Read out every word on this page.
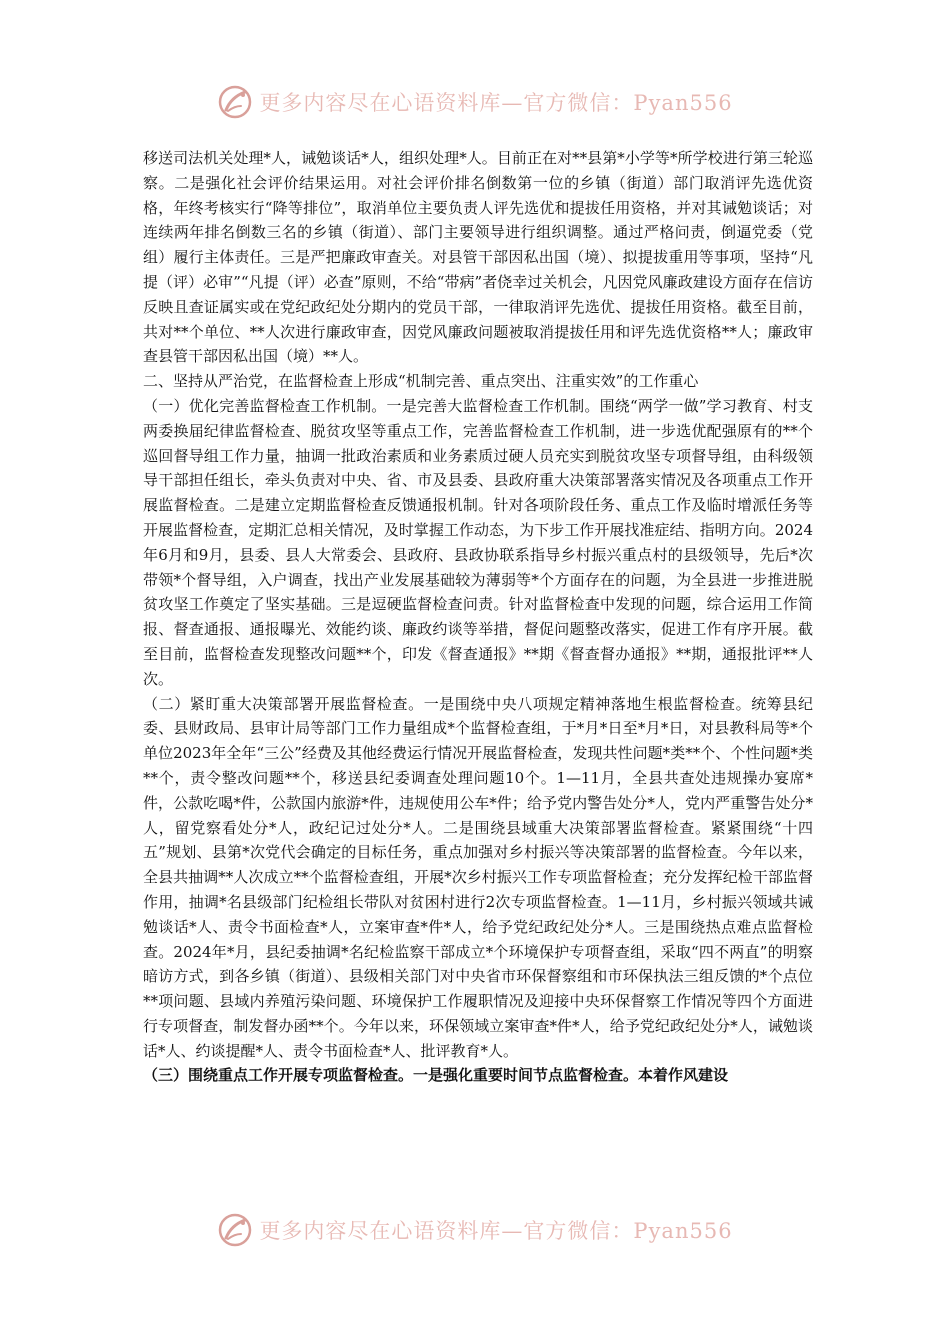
更多内容尽在心语资料库—官方微信：Pyan556

移送司法机关处理*人，诫勉谈话*人，组织处理*人。目前正在对**县第*小学等*所学校进行第三轮巡察。二是强化社会评价结果运用。对社会评价排名倒数第一位的乡镇（街道）部门取消评先选优资格，年终考核实行“降等排位”，取消单位主要负责人评先选优和提拔任用资格，并对其诫勉谈话；对连续两年排名倒数三名的乡镇（街道）、部门主要领导进行组织调整。通过严格问责，倒逼党委（党组）履行主体责任。三是严把廉政审查关。对县管干部因私出国（境）、拟提拔重用等事项，坚持“凡提（评）必审”“凡提（评）必查”原则，不给“带病”者侥幸过关机会，凡因党风廉政建设方面存在信访反映且查证属实或在党纪政纪处分期内的党员干部，一律取消评先选优、提拔任用资格。截至目前，共对**个单位、**人次进行廉政审查，因党风廉政问题被取消提拔任用和评先选优资格**人；廉政审查县管干部因私出国（境）**人。

二、坚持从严治党，在监督检查上形成“机制完善、重点突出、注重实效”的工作重心

（一）优化完善监督检查工作机制。一是完善大监督检查工作机制。围绕“两学一做”学习教育、村支两委换届纪律监督检查、脱贫攻坚等重点工作，完善监督检查工作机制，进一步选优配强原有的**个巡回督导组工作力量，抽调一批政治素质和业务素质过硬人员充实到脱贫攻坚专项督导组，由科级领导干部担任组长，牵头负责对中央、省、市及县委、县政府重大决策部署落实情况及各项重点工作开展监督检查。二是建立定期监督检查反馈通报机制。针对各项阶段任务、重点工作及临时增派任务等开展监督检查，定期汇总相关情况，及时掌握工作动态，为下步工作开展找准症结、指明方向。2024年6月和9月，县委、县人大常委会、县政府、县政协联系指导乡村振兴重点村的县级领导，先后*次带领*个督导组，入户调查，找出产业发展基础较为薄弱等*个方面存在的问题，为全县进一步推进脱贫攻坚工作奠定了坚实基础。三是逗硬监督检查问责。针对监督检查中发现的问题，综合运用工作简报、督查通报、通报曝光、效能约谈、廉政约谈等举措，督促问题整改落实，促进工作有序开展。截至目前，监督检查发现整改问题**个，印发《督查通报》**期《督查督办通报》**期，通报批评**人次。

（二）紧盯重大决策部署开展监督检查。一是围绕中央八项规定精神落地生根监督检查。统筹县纪委、县财政局、县审计局等部门工作力量组成*个监督检查组，于*月*日至*月*日，对县教科局等*个单位2023年全年“三公”经费及其他经费运行情况开展监督检查，发现共性问题*类**个、个性问题*类**个，责令整改问题**个，移送县纪委调查处理问题10个。1—11月，全县共查处违规操办宴席*件，公款吃喝*件，公款国内旅游*件，违规使用公车*件；给予党内警告处分*人，党内严重警告处分*人，留党察看处分*人，政纪记过处分*人。二是围绕县域重大决策部署监督检查。紧紧围绕“十四五”规划、县第*次党代会确定的目标任务，重点加强对乡村振兴等决策部署的监督检查。今年以来，全县共抽调**人次成立**个监督检查组，开展*次乡村振兴工作专项监督检查；充分发挥纪检干部监督作用，抽调*名县级部门纪检组长带队对贫困村进行2次专项监督检查。1—11月，乡村振兴领域共诫勉谈话*人、责令书面检查*人，立案审查*件*人，给予党纪政纪处分*人。三是围绕热点难点监督检查。2024年*月，县纪委抽调*名纪检监察干部成立*个环境保护专项督查组，采取“四不两直”的明察暗访方式，到各乡镇（街道）、县级相关部门对中央省市环保督察组和市环保执法三组反馈的*个点位**项问题、县域内养殖污染问题、环境保护工作履职情况及迎接中央环保督察工作情况等四个方面进行专项督查，制发督办函**个。今年以来，环保领域立案审查*件*人，给予党纪政纪处分*人，诫勉谈话*人、约谈提醒*人、责令书面检查*人、批评教育*人。

（三）围绕重点工作开展专项监督检查。一是强化重要时间节点监督检查。本着作风建设

更多内容尽在心语资料库—官方微信：Pyan556
